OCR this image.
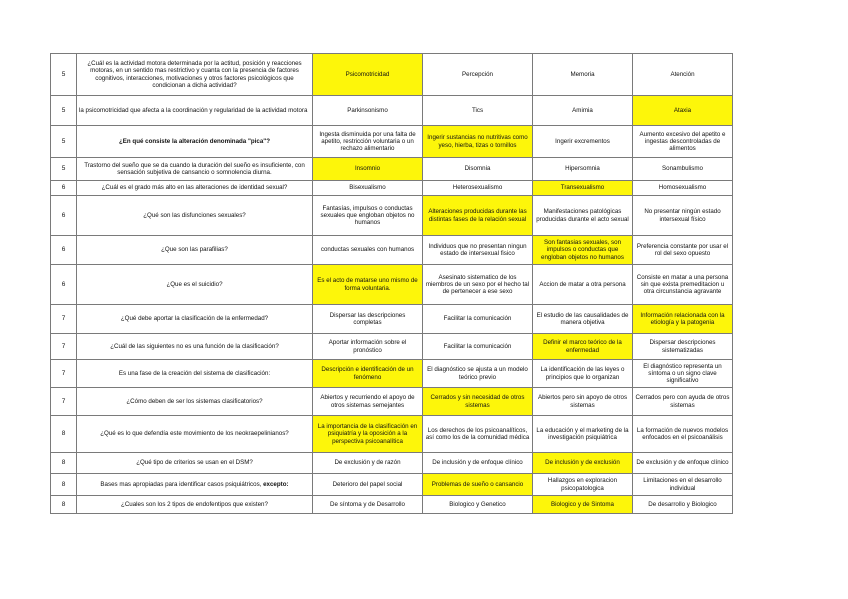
5	¿Cuál es la actividad motora determinada por la actitud, posición y reacciones motoras, en un sentido mas restrictivo y cuanta con la presencia de factores cognitivos, interacciones, motivaciones y otros factores psicológicos que condicionan a dicha actividad?	Psicomotricidad	Percepción	Memoria	Atención
5	la psicomotricidad que afecta a la coordinación y regularidad de la actividad motora	Parkinsonismo	Tics	Amimia	Ataxia
5	¿En qué consiste la alteración denominada "pica"?	Ingesta disminuida por una falta de apetito, restricción voluntaria o un rechazo alimentario	Ingerir sustancias no nutritivas como yeso, hierba, tizas o tornillos	Ingerir excrementos	Aumento excesivo del apetito e ingestas descontroladas de alimentos
5	Trastorno del sueño que se da cuando la duración del sueño es insuficiente, con sensación subjetiva de cansancio o somnolencia diurna.	Insomnio	Disomnia	Hipersomnia	Sonambulismo
6	¿Cuál es el grado más alto en las alteraciones de identidad sexual?	Bisexualismo	Heterosexualismo	Transexualismo	Homosexualismo
6	¿Qué son las disfunciones sexuales?	Fantasías, impulsos o conductas sexuales que engloban objetos no humanos	Alteraciones producidas durante las distintas fases de la relación sexual	Manifestaciones patológicas producidas durante el acto sexual	No presentar ningún estado intersexual físico
6	¿Que son las parafilias?	conductas sexuales con humanos	Individuos que no presentan ningun estado de intersexual fisico	Son fantasias sexuales, son impulsos o conductas que engloban objetos no humanos	Preferencia constante por usar el rol del sexo opuesto
6	¿Que es el suicidio?	Es el acto de matarse uno mismo de forma voluntaria.	Asesinato sistematico de los miembros de un sexo por el hecho tal de pertenecer a ese sexo	Accion de matar a otra persona	Consiste en matar a una persona sin que exista premeditacion u otra circunstancia agravante
7	¿Qué debe aportar la clasificación de la enfermedad?	Dispersar las descripciones completas	Facilitar la comunicación	El estudio de las causalidades de manera objetiva	Información relacionada con la etiología y la patogenia
7	¿Cuál de las siguientes no es una función de la clasificación?	Aportar información sobre el pronóstico	Facilitar la comunicación	Definir el marco teórico de la enfermedad	Dispersar descripciones sistematizadas
7	Es una fase de la creación del sistema de clasificación:	Descripción e identificación de un fenómeno	El diagnóstico se ajusta a un modelo teórico previo	La identificación de las leyes o principios que lo organizan	El diagnóstico representa un síntoma o un signo clave significativo
7	¿Cómo deben de ser los sistemas clasificatorios?	Abiertos y recurriendo el apoyo de otros sistemas semejantes	Cerrados y sin necesidad de otros sistemas	Abiertos pero sin apoyo de otros sistemas	Cerrados pero con ayuda de otros sistemas
8	¿Qué es lo que defendía este movimiento de los neokraepelinianos?	La importancia de la clasificación en psiquiatría y la oposición a la perspectiva psicoanalítica	Los derechos de los psicoanalíticos, así como los de la comunidad médica	La educación y el marketing de la investigación psiquiátrica	La formación de nuevos modelos enfocados en el psicoanálisis
8	¿Qué tipo de criterios se usan en el DSM?	De exclusión y de razón	De inclusión y de enfoque clínico	De inclusión y de exclusión	De exclusión y de enfoque clínico
8	Bases mas apropiadas para identificar casos psiquiátricos, excepto:	Deterioro del papel social	Problemas de sueño o cansancio	Hallazgos en exploracion psicopatologica	Limitaciones en el desarrollo individual
8	¿Cuales son los 2 tipos de endofentipos que existen?	De síntoma y de Desarrollo	Biologico y Genetico	Biologico y de Sintoma	De desarrollo y Biologico
